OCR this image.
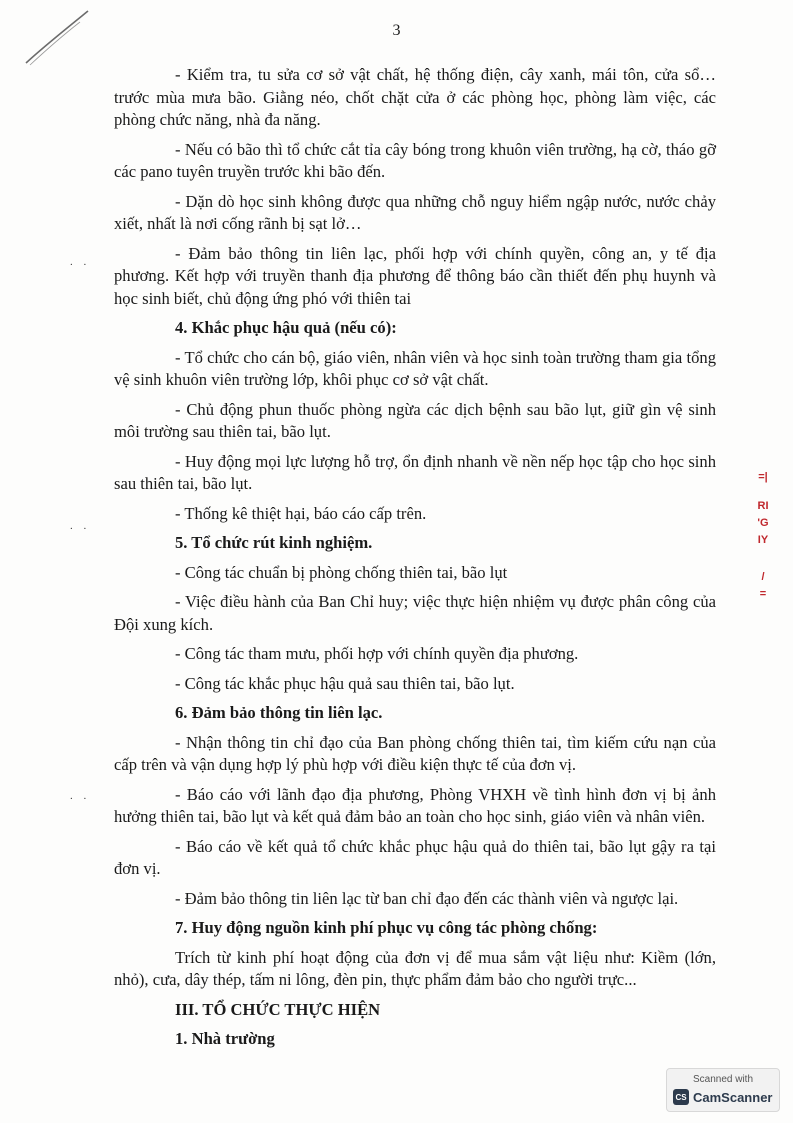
3
. .
. .
. .

- Kiểm tra, tu sửa cơ sở vật chất, hệ thống điện, cây xanh, mái tôn, cửa sổ… trước mùa mưa bão. Giằng néo, chốt chặt cửa ở các phòng học, phòng làm việc, các phòng chức năng, nhà đa năng.

- Nếu có bão thì tổ chức cắt tỉa cây bóng trong khuôn viên trường, hạ cờ, tháo gỡ các pano tuyên truyền trước khi bão đến.

- Dặn dò học sinh không được qua những chỗ nguy hiểm ngập nước, nước chảy xiết, nhất là nơi cống rãnh bị sạt lở…

- Đảm bảo thông tin liên lạc, phối hợp với chính quyền, công an, y tế địa phương. Kết hợp với truyền thanh địa phương để thông báo cần thiết đến phụ huynh và học sinh biết, chủ động ứng phó với thiên tai

4. Khắc phục hậu quả (nếu có):

- Tổ chức cho cán bộ, giáo viên, nhân viên và học sinh toàn trường tham gia tổng vệ sinh khuôn viên trường lớp, khôi phục cơ sở vật chất.

- Chủ động phun thuốc phòng ngừa các dịch bệnh sau bão lụt, giữ gìn vệ sinh môi trường sau thiên tai, bão lụt.

- Huy động mọi lực lượng hỗ trợ, ổn định nhanh về nền nếp học tập cho học sinh sau thiên tai, bão lụt.

- Thống kê thiệt hại, báo cáo cấp trên.

5. Tổ chức rút kinh nghiệm.

- Công tác chuẩn bị phòng chống thiên tai, bão lụt

- Việc điều hành của Ban Chỉ huy; việc thực hiện nhiệm vụ được phân công của Đội xung kích.

- Công tác tham mưu, phối hợp với chính quyền địa phương.

- Công tác khắc phục hậu quả sau thiên tai, bão lụt.

6. Đảm bảo thông tin liên lạc.

- Nhận thông tin chỉ đạo của Ban phòng chống thiên tai, tìm kiếm cứu nạn của cấp trên và vận dụng hợp lý phù hợp với điều kiện thực tế của đơn vị.

- Báo cáo với lãnh đạo địa phương, Phòng VHXH về tình hình đơn vị bị ảnh hưởng thiên tai, bão lụt và kết quả đảm bảo an toàn cho học sinh, giáo viên và nhân viên.

- Báo cáo về kết quả tổ chức khắc phục hậu quả do thiên tai, bão lụt gậy ra tại đơn vị.

- Đảm bảo thông tin liên lạc từ ban chỉ đạo đến các thành viên và ngược lại.

7. Huy động nguồn kinh phí phục vụ công tác phòng chống:

Trích từ kinh phí hoạt động của đơn vị để mua sắm vật liệu như: Kiềm (lớn, nhỏ), cưa, dây thép, tấm ni lông, đèn pin, thực phẩm đảm bảo cho người trực...

III. TỔ CHỨC THỰC HIỆN
1. Nhà trường
=|
RI
'G
IY
/
=
Scanned with
CS CamScanner
